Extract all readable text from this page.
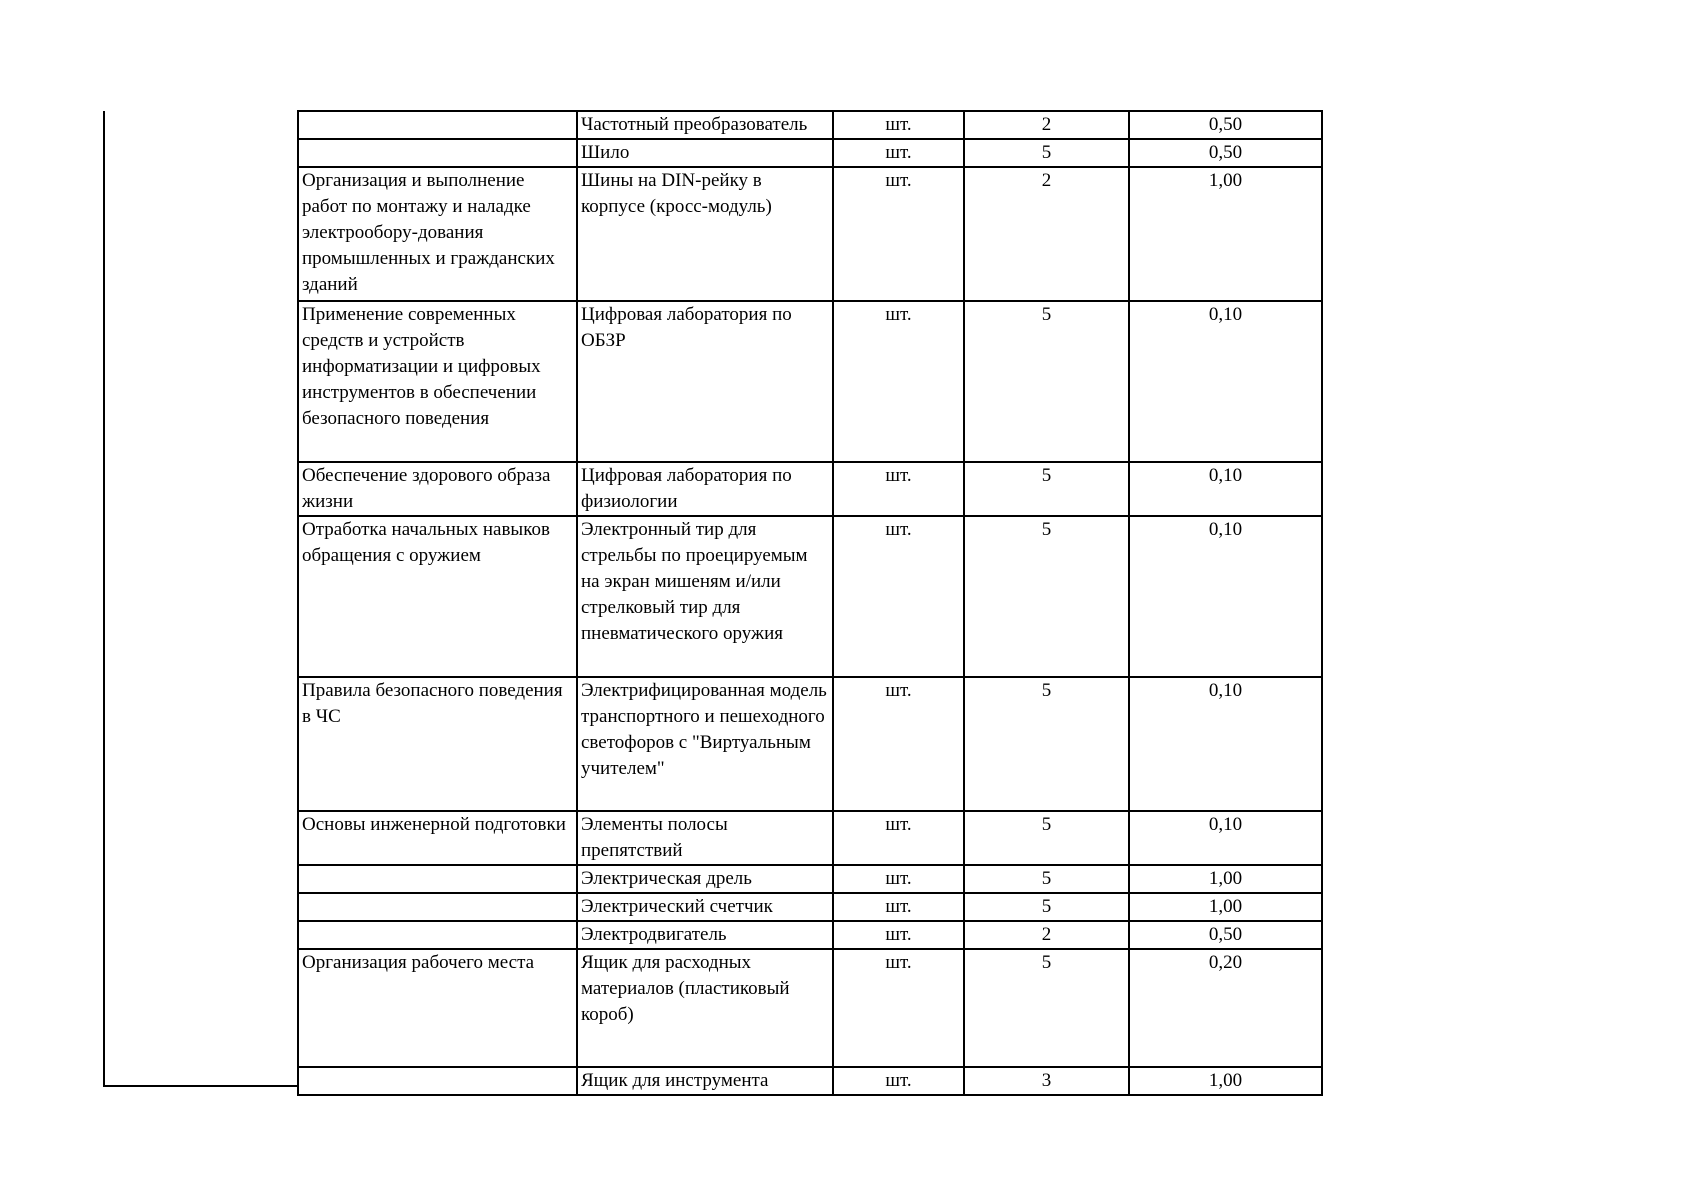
	Частотный преобразователь	шт.	2	0,50
	Шило	шт.	5	0,50
Организация и выполнение работ по монтажу и наладке электрообору-дования промышленных и гражданских зданий	Шины на DIN-рейку в корпусе (кросс-модуль)	шт.	2	1,00
Применение современных средств и устройств информатизации и цифровых инструментов в обеспечении безопасного поведения	Цифровая лаборатория по ОБЗР	шт.	5	0,10
Обеспечение здорового образа жизни	Цифровая лаборатория по физиологии	шт.	5	0,10
Отработка начальных навыков обращения с оружием	Электронный тир для стрельбы по проецируемым на экран мишеням и/или стрелковый тир для пневматического оружия	шт.	5	0,10
Правила безопасного поведения в ЧС	Электрифицированная модель транспортного и пешеходного светофоров с "Виртуальным учителем"	шт.	5	0,10
Основы инженерной подготовки	Элементы полосы препятствий	шт.	5	0,10
	Электрическая дрель	шт.	5	1,00
	Электрический счетчик	шт.	5	1,00
	Электродвигатель	шт.	2	0,50
Организация рабочего места	Ящик для расходных материалов (пластиковый короб)	шт.	5	0,20
	Ящик для инструмента	шт.	3	1,00
